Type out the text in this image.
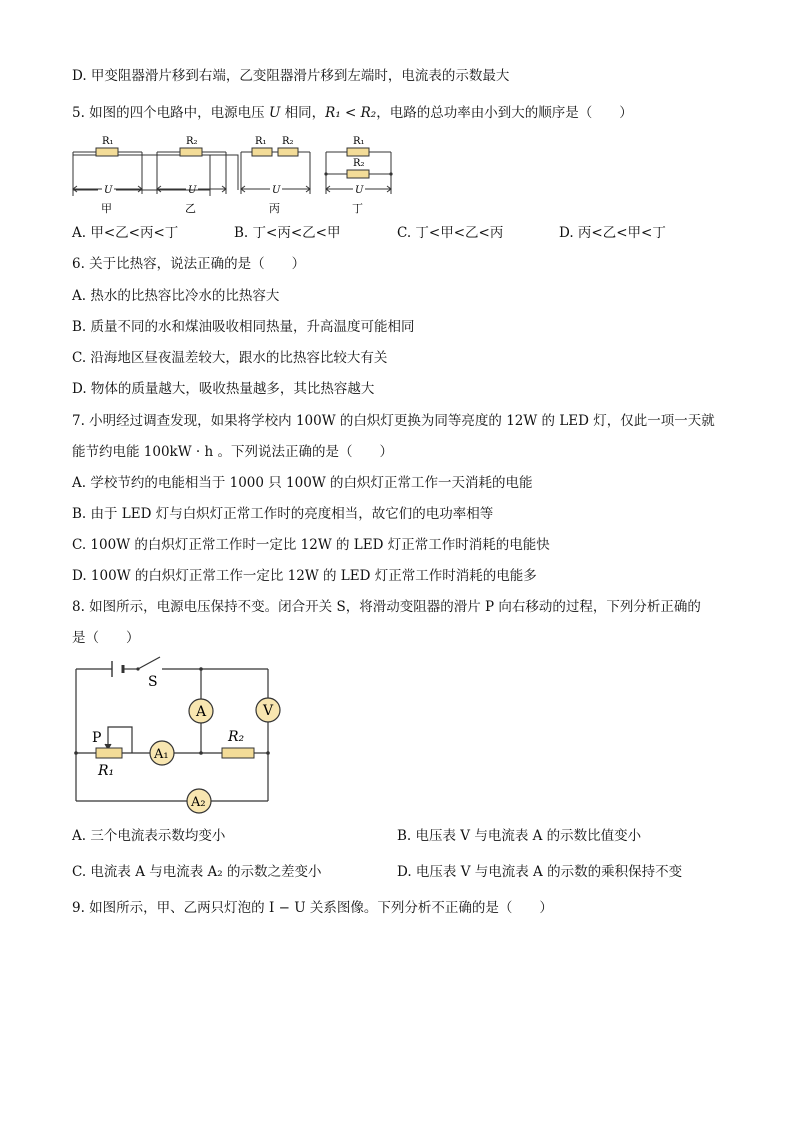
D. 甲变阻器滑片移到右端，乙变阻器滑片移到左端时，电流表的示数最大
5. 如图的四个电路中，电源电压 U 相同，R₁ < R₂，电路的总功率由小到大的顺序是（　　）
R₁
U
甲
R₂
U
乙
R₁ R₂
U
丙
R₁
R₂
U
丁
A. 甲<乙<丙<丁	B. 丁<丙<乙<甲	C. 丁<甲<乙<丙	D. 丙<乙<甲<丁
6. 关于比热容，说法正确的是（　　）
A. 热水的比热容比冷水的比热容大
B. 质量不同的水和煤油吸收相同热量，升高温度可能相同
C. 沿海地区昼夜温差较大，跟水的比热容比较大有关
D. 物体的质量越大，吸收热量越多，其比热容越大
7. 小明经过调查发现，如果将学校内 100W 的白炽灯更换为同等亮度的 12W 的 LED 灯，仅此一项一天就
能节约电能 100kW · h 。下列说法正确的是（　　）
A. 学校节约的电能相当于 1000 只 100W 的白炽灯正常工作一天消耗的电能
B. 由于 LED 灯与白炽灯正常工作时的亮度相当，故它们的电功率相等
C. 100W 的白炽灯正常工作时一定比 12W 的 LED 灯正常工作时消耗的电能快
D. 100W 的白炽灯正常工作一定比 12W 的 LED 灯正常工作时消耗的电能多
8. 如图所示，电源电压保持不变。闭合开关 S，将滑动变阻器的滑片 P 向右移动的过程，下列分析正确的
是（　　）
A	V
A₁
A₂
S
P
R₁
R₂
A. 三个电流表示数均变小	B. 电压表 V 与电流表 A 的示数比值变小
C. 电流表 A 与电流表 A₂ 的示数之差变小	D. 电压表 V 与电流表 A 的示数的乘积保持不变
9. 如图所示，甲、乙两只灯泡的 I − U 关系图像。下列分析不正确的是（　　）
